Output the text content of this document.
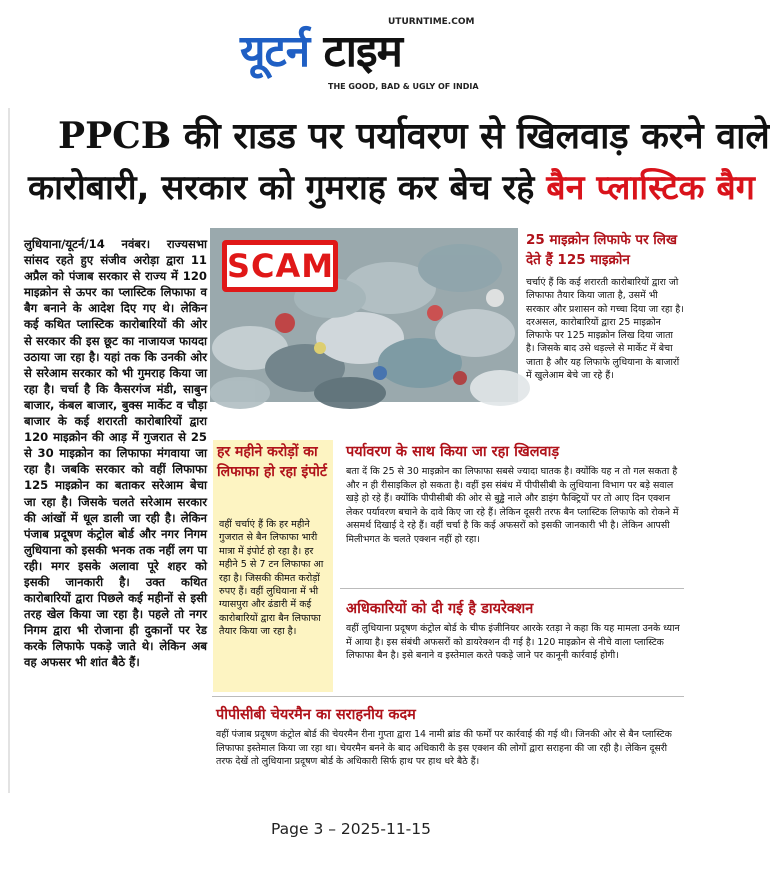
UTURNTIME.COM
यूटर्न टाइम
THE GOOD, BAD & UGLY OF INDIA
PPCB की राडड पर पर्यावरण से खिलवाड़ करने वाले
कारोबारी, सरकार को गुमराह कर बेच रहे बैन प्लास्टिक बैग
लुधियाना/यूटर्न/14 नवंबर। राज्यसभा सांसद रहते हुए संजीव अरोड़ा द्वारा 11 अप्रैल को पंजाब सरकार से राज्य में 120 माइक्रोन से ऊपर का प्लास्टिक लिफाफा व बैग बनाने के आदेश दिए गए थे। लेकिन कई कथित प्लास्टिक कारोबारियों की ओर से सरकार की इस छूट का नाजायज फायदा उठाया जा रहा है। यहां तक कि उनकी ओर से सरेआम सरकार को भी गुमराह किया जा रहा है। चर्चा है कि कैसरगंज मंडी, साबुन बाजार, कंबल बाजार, बुक्स मार्केट व चौड़ा बाजार के कई शरारती कारोबारियों द्वारा 120 माइक्रोन की आड़ में गुजरात से 25 से 30 माइक्रोन का लिफाफा मंगवाया जा रहा है। जबकि सरकार को वहीं लिफाफा 125 माइक्रोन का बताकर सरेआम बेचा जा रहा है। जिसके चलते सरेआम सरकार की आंखों में धूल डाली जा रही है। लेकिन पंजाब प्रदूषण कंट्रोल बोर्ड और नगर निगम लुधियाना को इसकी भनक तक नहीं लग पा रही। मगर इसके अलावा पूरे शहर को इसकी जानकारी है। उक्त कथित कारोबारियों द्वारा पिछले कई महीनों से इसी तरह खेल किया जा रहा है। पहले तो नगर निगम द्वारा भी रोजाना ही दुकानों पर रेड करके लिफाफे पकड़े जाते थे। लेकिन अब वह अफसर भी शांत बैठे हैं।
SCAM
25 माइक्रोन लिफाफे पर लिख देते हैं 125 माइक्रोन
चर्चाएं हैं कि कई शरारती कारोबारियों द्वारा जो लिफाफा तैयार किया जाता है, उसमें भी सरकार और प्रशासन को गच्चा दिया जा रहा है। दरअसल, कारोबारियों द्वारा 25 माइक्रोन लिफाफे पर 125 माइक्रोन लिख दिया जाता है। जिसके बाद उसे धड़ल्ले से मार्केट में बेचा जाता है और यह लिफाफे लुधियाना के बाजारों में खुलेआम बेचे जा रहे हैं।
हर महीने करोड़ों का लिफाफा हो रहा इंपोर्ट
वहीं चर्चाएं हैं कि हर महीने गुजरात से बैन लिफाफा भारी मात्रा में इंपोर्ट हो रहा है। हर महीने 5 से 7 टन लिफाफा आ रहा है। जिसकी कीमत करोड़ों रुपए हैं। वहीं लुधियाना में भी ग्यासपुरा और ढंडारी में कई कारोबारियों द्वारा बैन लिफाफा तैयार किया जा रहा है।
पर्यावरण के साथ किया जा रहा खिलवाड़
बता दें कि 25 से 30 माइक्रोन का लिफाफा सबसे ज्यादा घातक है। क्योंकि यह न तो गल सकता है और न ही रीसाइकिल हो सकता है। वहीं इस संबंध में पीपीसीबी के लुधियाना विभाग पर बड़े सवाल खड़े हो रहे हैं। क्योंकि पीपीसीबी की ओर से बुड्ढे नाले और डाइंग फैक्ट्रियों पर तो आए दिन एक्शन लेकर पर्यावरण बचाने के दावे किए जा रहे हैं। लेकिन दूसरी तरफ बैन प्लास्टिक लिफाफे को रोकने में असमर्थ दिखाई दे रहे हैं। वहीं चर्चा है कि कई अफसरों को इसकी जानकारी भी है। लेकिन आपसी मिलीभगत के चलते एक्शन नहीं हो रहा।
अधिकारियों को दी गई है डायरेक्शन
वहीं लुधियाना प्रदूषण कंट्रोल बोर्ड के चीफ इंजीनियर आरके रतड़ा ने कहा कि यह मामला उनके ध्यान में आया है। इस संबंधी अफसरों को डायरेक्शन दी गई है। 120 माइक्रोन से नीचे वाला प्लास्टिक लिफाफा बैन है। इसे बनाने व इस्तेमाल करते पकड़े जाने पर कानूनी कार्रवाई होगी।
पीपीसीबी चेयरमैन का सराहनीय कदम
वहीं पंजाब प्रदूषण कंट्रोल बोर्ड की चेयरमैन रीना गुप्ता द्वारा 14 नामी ब्रांड की फर्मों पर कार्रवाई की गई थी। जिनकी ओर से बैन प्लास्टिक लिफाफा इस्तेमाल किया जा रहा था। चेयरमैन बनने के बाद अधिकारी के इस एक्शन की लोगों द्वारा सराहना की जा रही है। लेकिन दूसरी तरफ देखें तो लुधियाना प्रदूषण बोर्ड के अधिकारी सिर्फ हाथ पर हाथ धरे बैठे हैं।
Page 3 – 2025-11-15
